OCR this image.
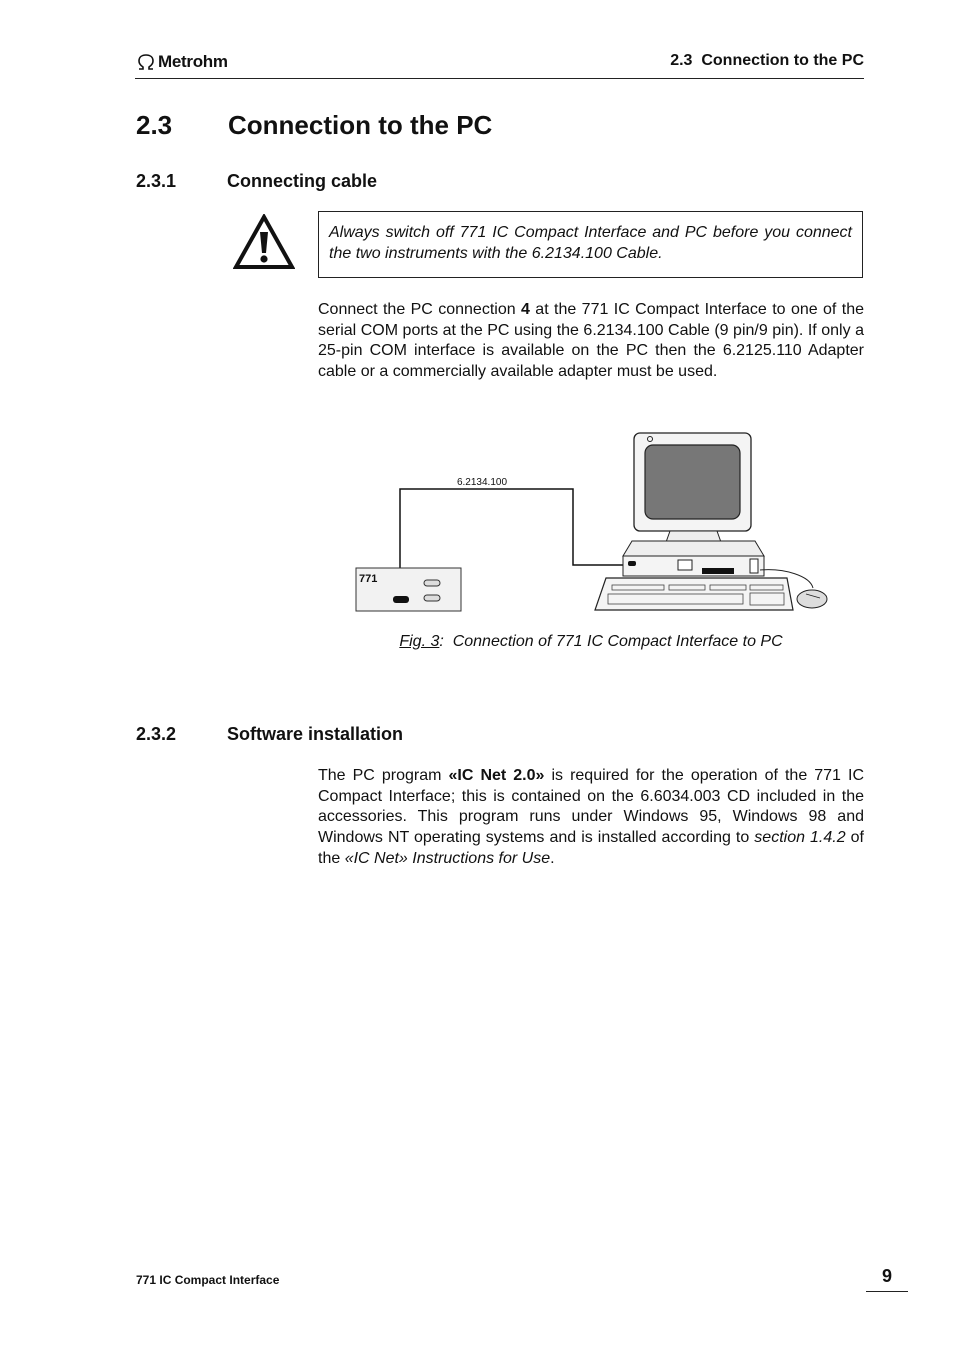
Metrohm	2.3  Connection to the PC
2.3 Connection to the PC
2.3.1	Connecting cable
Always switch off 771 IC Compact Interface and PC before you connect the two instruments with the 6.2134.100 Cable.
Connect the PC connection 4 at the 771 IC Compact Interface to one of the serial COM ports at the PC using the 6.2134.100 Cable (9 pin/9 pin). If only a 25-pin COM interface is available on the PC then the 6.2125.110 Adapter cable or a commercially available adapter must be used.
6.2134.100
771
Fig. 3:  Connection of 771 IC Compact Interface to PC
2.3.2	Software installation
The PC program «IC Net 2.0» is required for the operation of the 771 IC Compact Interface; this is contained on the 6.6034.003 CD included in the accessories. This program runs under Windows 95, Windows 98 and Windows NT operating systems and is installed according to section 1.4.2 of the «IC Net» Instructions for Use.
771 IC Compact Interface	9
